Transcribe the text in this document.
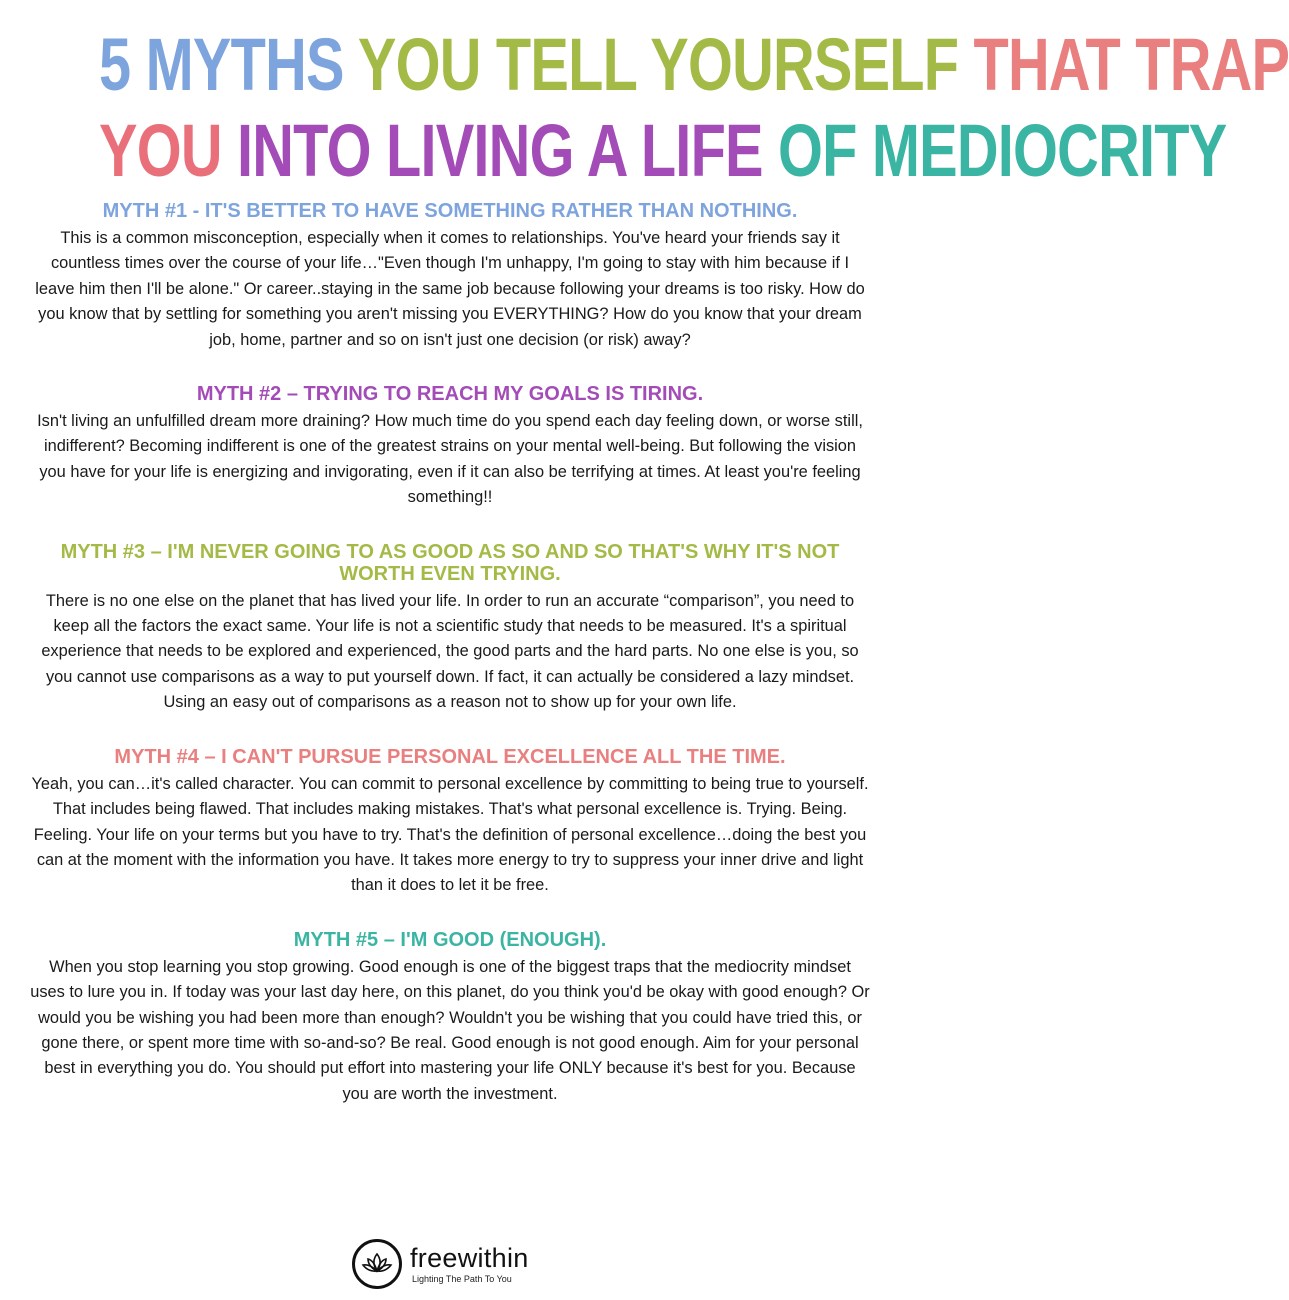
5 MYTHS YOU TELL YOURSELF THAT TRAP
YOU INTO LIVING A LIFE OF MEDIOCRITY
MYTH #1 - IT'S BETTER TO HAVE SOMETHING RATHER THAN NOTHING.

This is a common misconception, especially when it comes to relationships. You've heard your friends say it countless times over the course of your life…"Even though I'm unhappy, I'm going to stay with him because if I leave him then I'll be alone." Or career..staying in the same job because following your dreams is too risky. How do you know that by settling for something you aren't missing you EVERYTHING? How do you know that your dream job, home, partner and so on isn't just one decision (or risk) away?

MYTH #2 – TRYING TO REACH MY GOALS IS TIRING.

Isn't living an unfulfilled dream more draining? How much time do you spend each day feeling down, or worse still, indifferent? Becoming indifferent is one of the greatest strains on your mental well-being. But following the vision you have for your life is energizing and invigorating, even if it can also be terrifying at times. At least you're feeling something!!

MYTH #3 – I'M NEVER GOING TO AS GOOD AS SO AND SO THAT'S WHY IT'S NOT WORTH EVEN TRYING.

There is no one else on the planet that has lived your life. In order to run an accurate “comparison”, you need to keep all the factors the exact same. Your life is not a scientific study that needs to be measured. It's a spiritual experience that needs to be explored and experienced, the good parts and the hard parts. No one else is you, so you cannot use comparisons as a way to put yourself down. If fact, it can actually be considered a lazy mindset. Using an easy out of comparisons as a reason not to show up for your own life.

MYTH #4 – I CAN'T PURSUE PERSONAL EXCELLENCE ALL THE TIME.

Yeah, you can…it's called character. You can commit to personal excellence by committing to being true to yourself. That includes being flawed. That includes making mistakes. That's what personal excellence is. Trying. Being. Feeling. Your life on your terms but you have to try. That's the definition of personal excellence…doing the best you can at the moment with the information you have. It takes more energy to try to suppress your inner drive and light than it does to let it be free.

MYTH #5 – I'M GOOD (ENOUGH).

When you stop learning you stop growing. Good enough is one of the biggest traps that the mediocrity mindset uses to lure you in. If today was your last day here, on this planet, do you think you'd be okay with good enough? Or would you be wishing you had been more than enough? Wouldn't you be wishing that you could have tried this, or gone there, or spent more time with so-and-so? Be real. Good enough is not good enough. Aim for your personal best in everything you do. You should put effort into mastering your life ONLY because it's best for you. Because you are worth the investment.

freewithin
Lighting The Path To You
